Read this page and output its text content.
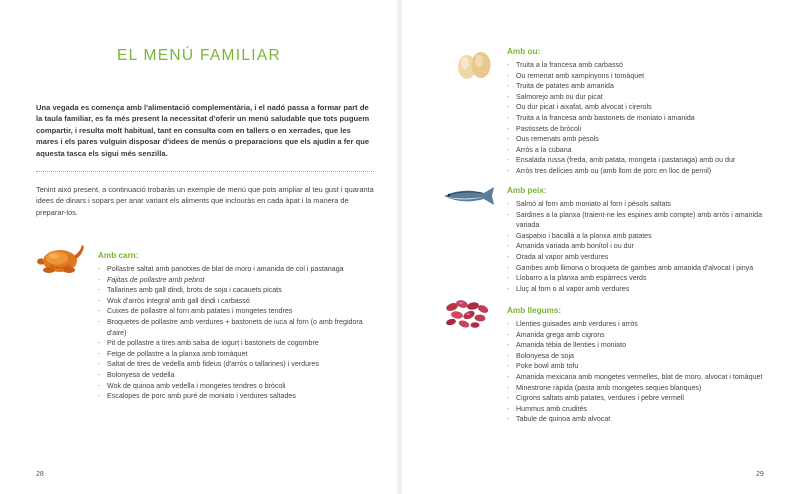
EL MENÚ FAMILIAR
Una vegada es comença amb l'alimentació complementària, i el nadó passa a formar part de la taula familiar, es fa més present la necessitat d'oferir un menú saludable que tots puguem compartir, i resulta molt habitual, tant en consulta com en tallers o en xerrades, que les mares i els pares vulguin disposar d'idees de menús o preparacions que els ajudin a fer que aquesta tasca els sigui més senzilla.
Tenint això present, a continuació trobaràs un exemple de menú que pots ampliar al teu gust i quaranta idees de dinars i sopars per anar variant els aliments que inclouràs en cada àpat i la manera de preparar-los.
Amb carn:
- Pollastre saltat amb panotxes de blat de moro i amanida de col i pastanaga
- Fajitas de pollastre amb pebrot
- Tallarines amb gall dindi, brots de soja i cacauets picats
- Wok d'arròs integral amb gall dindi i carbassó
- Cuixes de pollastre al forn amb patates i mongetes tendres
- Broquetes de pollastre amb verdures + bastonets de iuca al forn (o amb fregidora d'aire)
- Pit de pollastre a tires amb salsa de iogurt i bastonets de cogombre
- Fetge de pollastre a la planxa amb tomàquet
- Saltat de tires de vedella amb fideus (d'arròs o tallarines) i verdures
- Bolonyesa de vedella
- Wok de quinoa amb vedella i mongetes tendres o bròcoli
- Escalopes de porc amb puré de moniato i verdures saltades
28
Amb ou:
- Truita a la francesa amb carbassó
- Ou remenat amb xampinyons i tomàquet
- Truita de patates amb amanida
- Salmorejo amb ou dur picat
- Ou dur picat i aixafat, amb alvocat i cirerols
- Truita a la francesa amb bastonets de moniato i amanida
- Pastissets de bròcoli
- Ous remenats amb pèsols
- Arròs a la cubana
- Ensalada russa (freda, amb patata, mongeta i pastanaga) amb ou dur
- Arròs tres delícies amb ou (amb llom de porc en lloc de pernil)
Amb peix:
- Salmó al forn amb moniato al forn i pèsols saltats
- Sardines a la planxa (traient-ne les espines amb compte) amb arròs i amanida variada
- Gaspatxo i bacallà a la planxa amb patates
- Amanida variada amb bonítol i ou dur
- Orada al vapor amb verdures
- Gambes amb llimona o broqueta de gambes amb amanida d'alvocat i pinya
- Llobarro a la planxa amb espàrrecs verds
- Lluç al forn o al vapor amb verdures
Amb llegums:
- Llenties guisades amb verdures i arròs
- Amanida grega amb cigrons
- Amanida tèbia de llenties i moniato
- Bolonyesa de soja
- Poke bowl amb tofu
- Amanida mexicana amb mongetes vermelles, blat de moro, alvocat i tomàquet
- Minestrone ràpida (pasta amb mongetes seques blanques)
- Cigrons saltats amb patates, verdures i pebre vermell
- Hummus amb crudités
- Tabule de quinoa amb alvocat
29
